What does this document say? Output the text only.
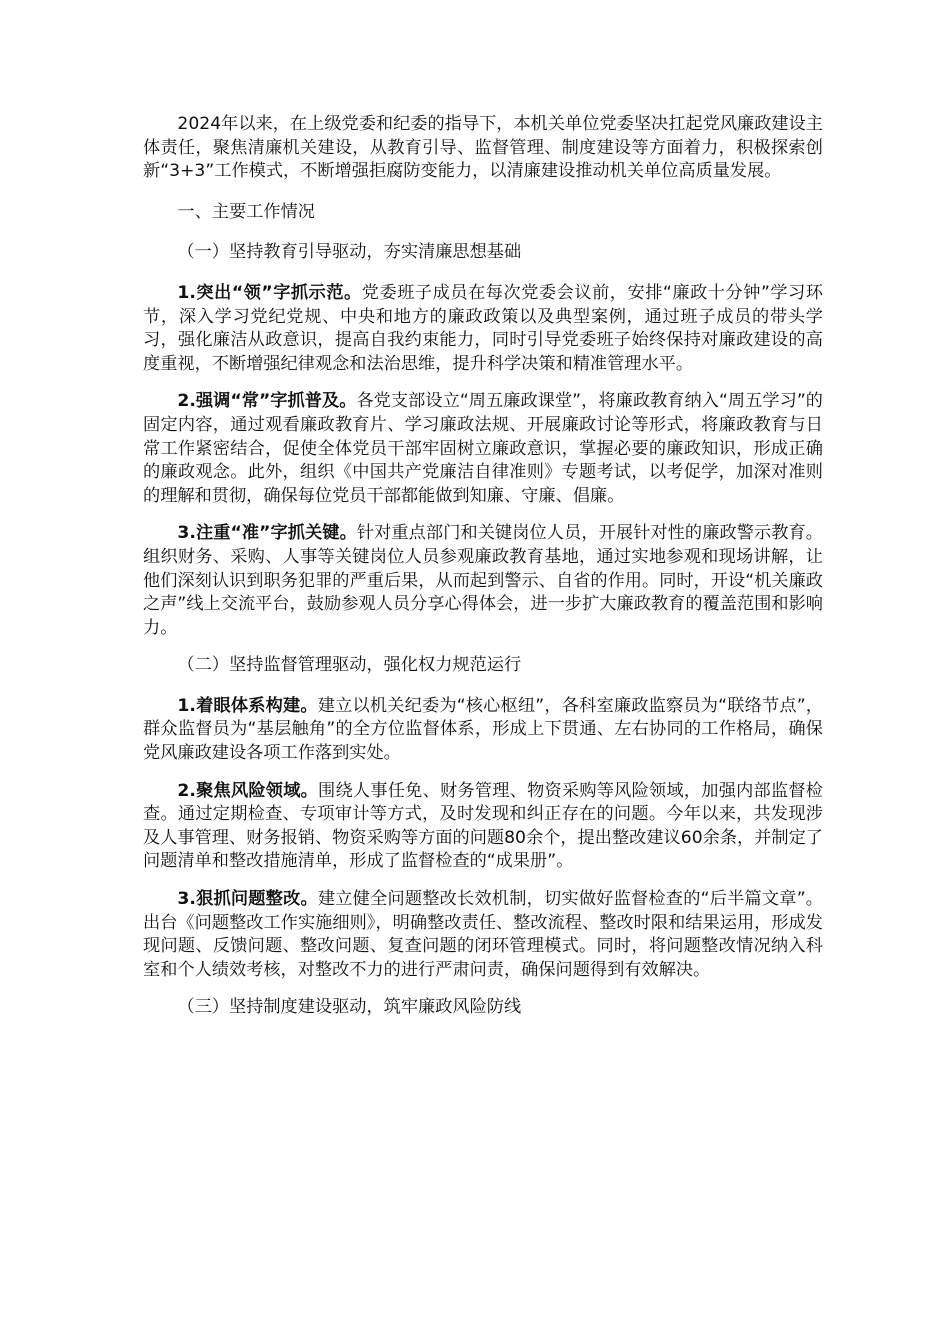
2024年以来，在上级党委和纪委的指导下，本机关单位党委坚决扛起党风廉政建设主体责任，聚焦清廉机关建设，从教育引导、监督管理、制度建设等方面着力，积极探索创新“3+3”工作模式，不断增强拒腐防变能力，以清廉建设推动机关单位高质量发展。

一、主要工作情况

（一）坚持教育引导驱动，夯实清廉思想基础

1.突出“领”字抓示范。党委班子成员在每次党委会议前，安排“廉政十分钟”学习环节，深入学习党纪党规、中央和地方的廉政政策以及典型案例，通过班子成员的带头学习，强化廉洁从政意识，提高自我约束能力，同时引导党委班子始终保持对廉政建设的高度重视，不断增强纪律观念和法治思维，提升科学决策和精准管理水平。

2.强调“常”字抓普及。各党支部设立“周五廉政课堂”，将廉政教育纳入“周五学习”的固定内容，通过观看廉政教育片、学习廉政法规、开展廉政讨论等形式，将廉政教育与日常工作紧密结合，促使全体党员干部牢固树立廉政意识，掌握必要的廉政知识，形成正确的廉政观念。此外，组织《中国共产党廉洁自律准则》专题考试，以考促学，加深对准则的理解和贯彻，确保每位党员干部都能做到知廉、守廉、倡廉。

3.注重“准”字抓关键。针对重点部门和关键岗位人员，开展针对性的廉政警示教育。组织财务、采购、人事等关键岗位人员参观廉政教育基地，通过实地参观和现场讲解，让他们深刻认识到职务犯罪的严重后果，从而起到警示、自省的作用。同时，开设“机关廉政之声”线上交流平台，鼓励参观人员分享心得体会，进一步扩大廉政教育的覆盖范围和影响力。

（二）坚持监督管理驱动，强化权力规范运行

1.着眼体系构建。建立以机关纪委为“核心枢纽”，各科室廉政监察员为“联络节点”，群众监督员为“基层触角”的全方位监督体系，形成上下贯通、左右协同的工作格局，确保党风廉政建设各项工作落到实处。

2.聚焦风险领域。围绕人事任免、财务管理、物资采购等风险领域，加强内部监督检查。通过定期检查、专项审计等方式，及时发现和纠正存在的问题。今年以来，共发现涉及人事管理、财务报销、物资采购等方面的问题80余个，提出整改建议60余条，并制定了问题清单和整改措施清单，形成了监督检查的“成果册”。

3.狠抓问题整改。建立健全问题整改长效机制，切实做好监督检查的“后半篇文章”。出台《问题整改工作实施细则》，明确整改责任、整改流程、整改时限和结果运用，形成发现问题、反馈问题、整改问题、复查问题的闭环管理模式。同时，将问题整改情况纳入科室和个人绩效考核，对整改不力的进行严肃问责，确保问题得到有效解决。

（三）坚持制度建设驱动，筑牢廉政风险防线
